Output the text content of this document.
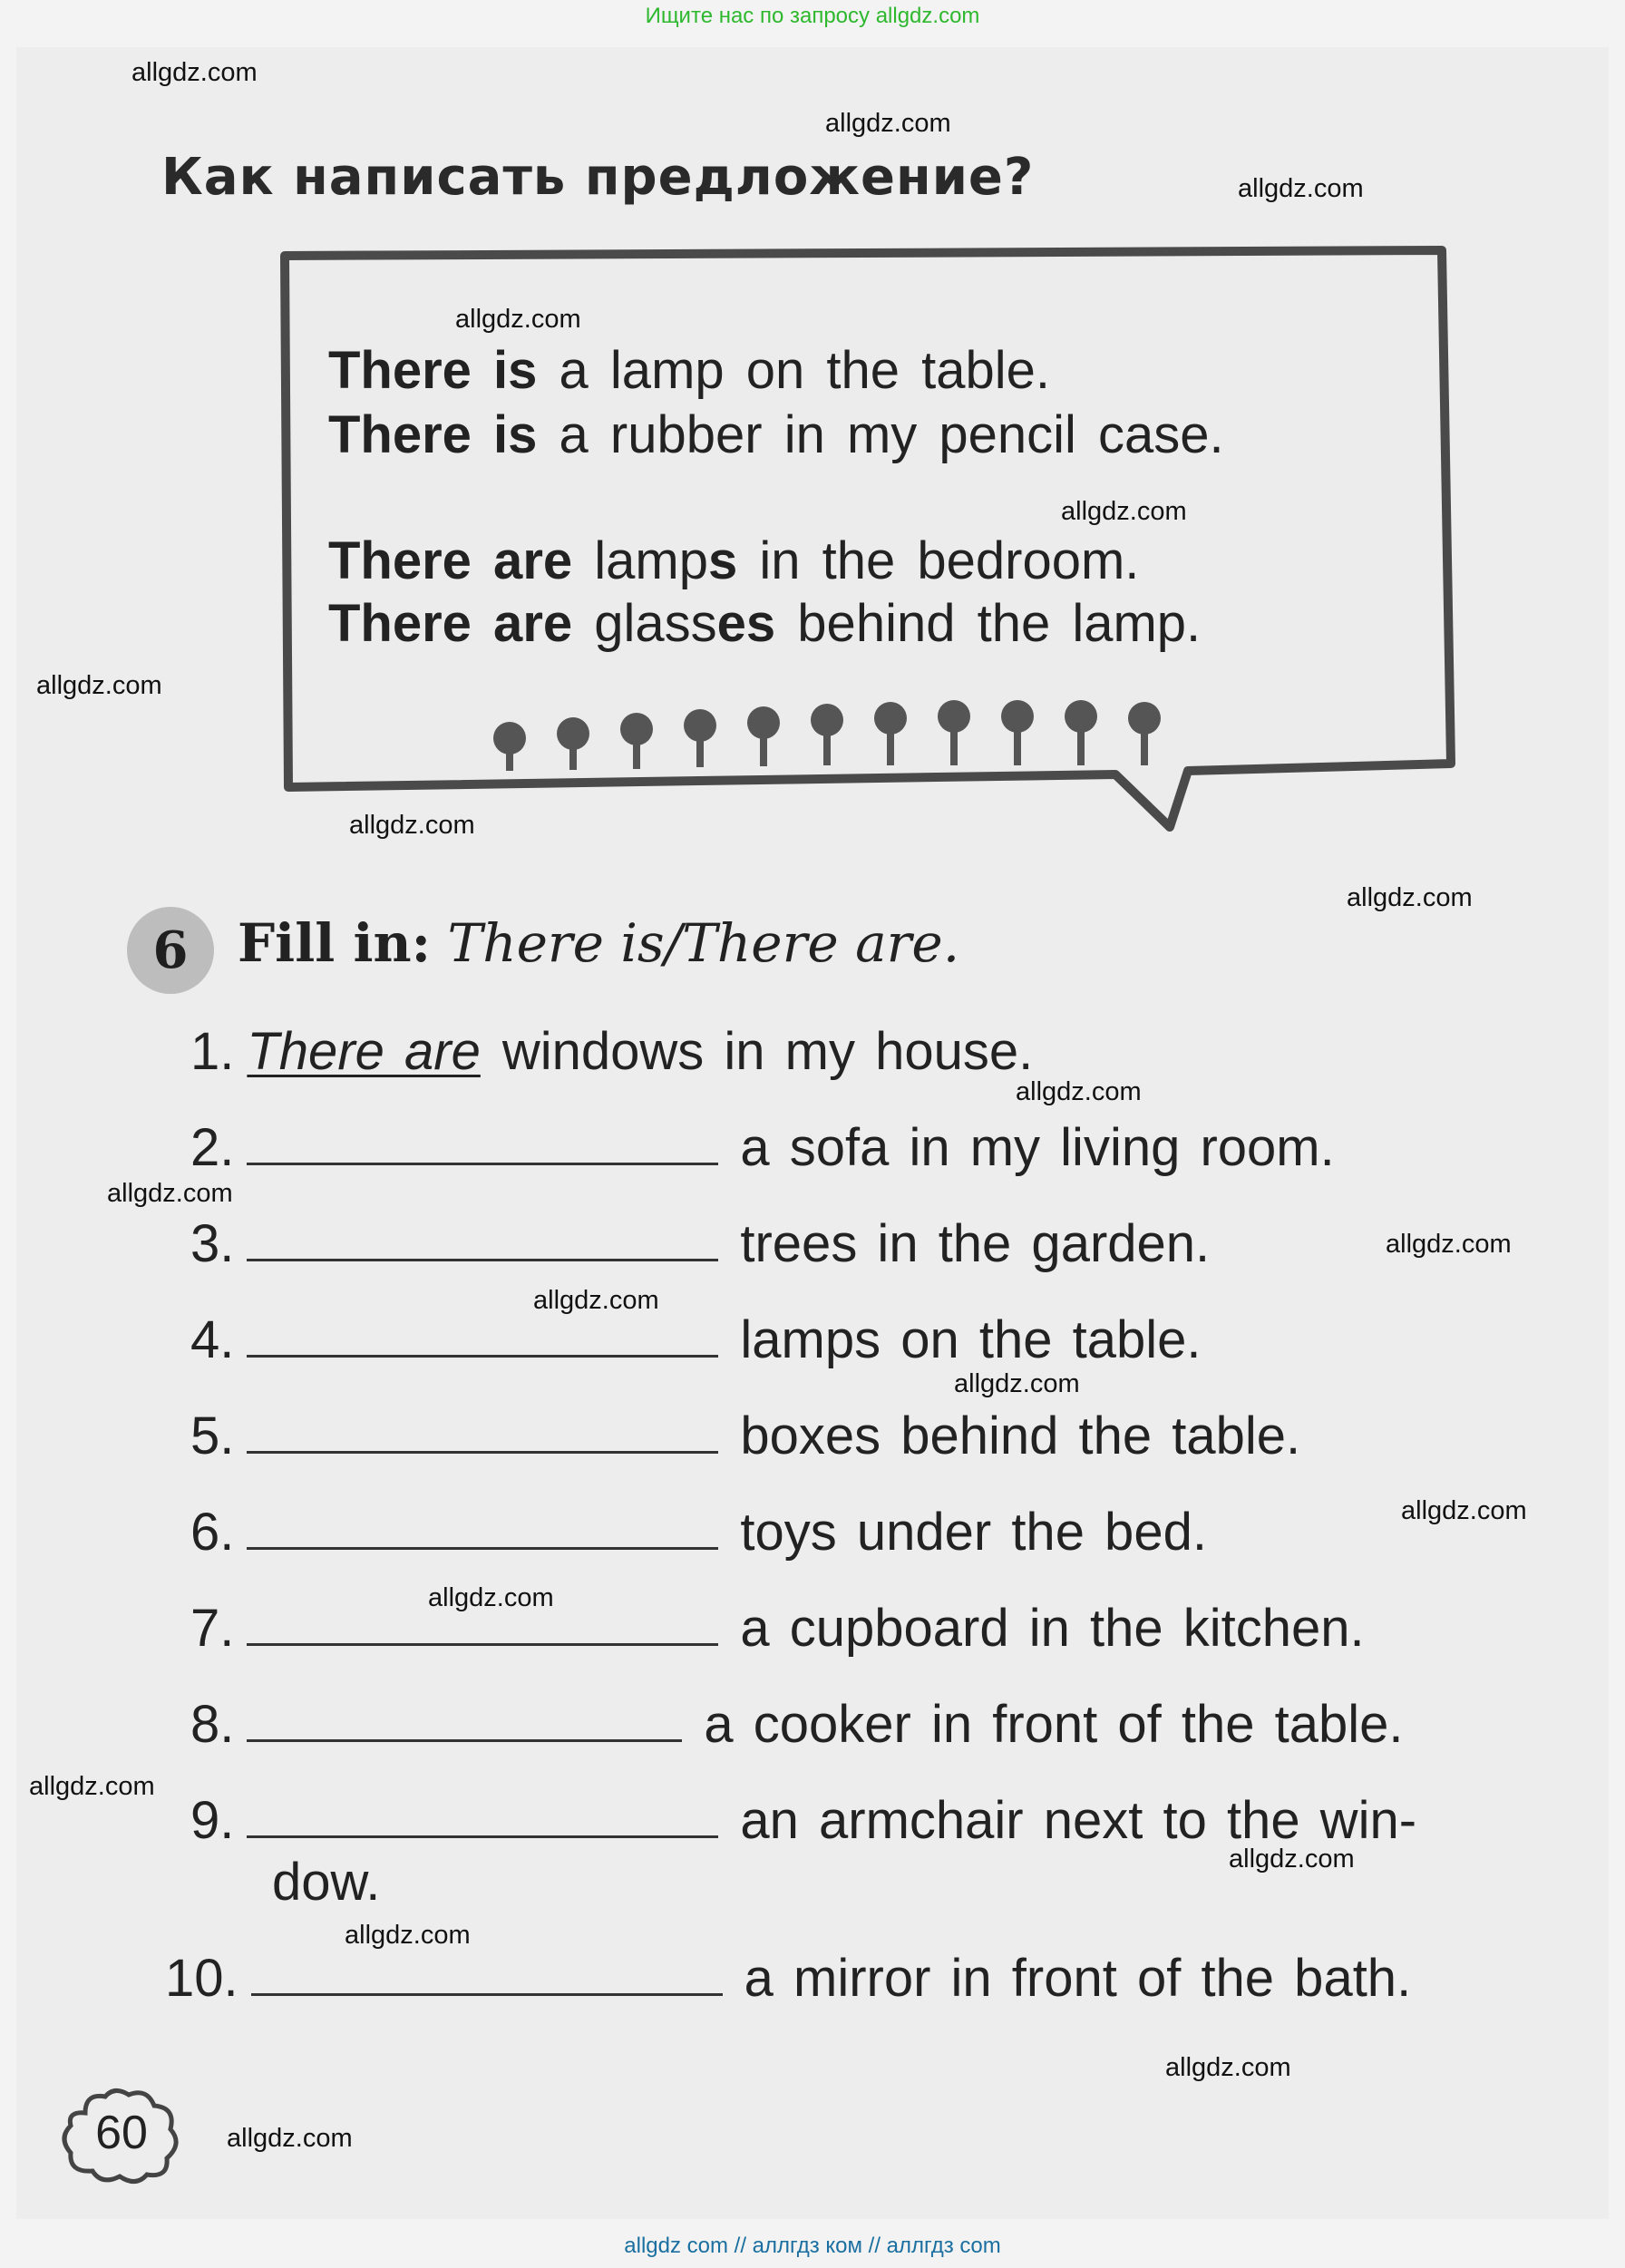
Ищите нас по запросу allgdz.com
Как написать предложение?
There is a lamp on the table.
There is a rubber in my pencil case.
There are lamps in the bedroom.
There are glasses behind the lamp.
6 Fill in: There is/There are.
1. There are windows in my house.
2.	a sofa in my living room.
3.	trees in the garden.
4.	lamps on the table.
5.	boxes behind the table.
6.	toys under the bed.
7.	a cupboard in the kitchen.
8.	a cooker in front of the table.
9.	an armchair next to the win-
dow.
10.	a mirror in front of the bath.
60
allgdz.com
allgdz.com
allgdz.com
allgdz.com
allgdz.com
allgdz.com
allgdz.com
allgdz.com
allgdz.com
allgdz.com
allgdz.com
allgdz.com
allgdz.com
allgdz.com
allgdz.com
allgdz.com
allgdz.com
allgdz.com
allgdz.com
allgdz.com
allgdz com // аллгдз ком // аллгдз com
